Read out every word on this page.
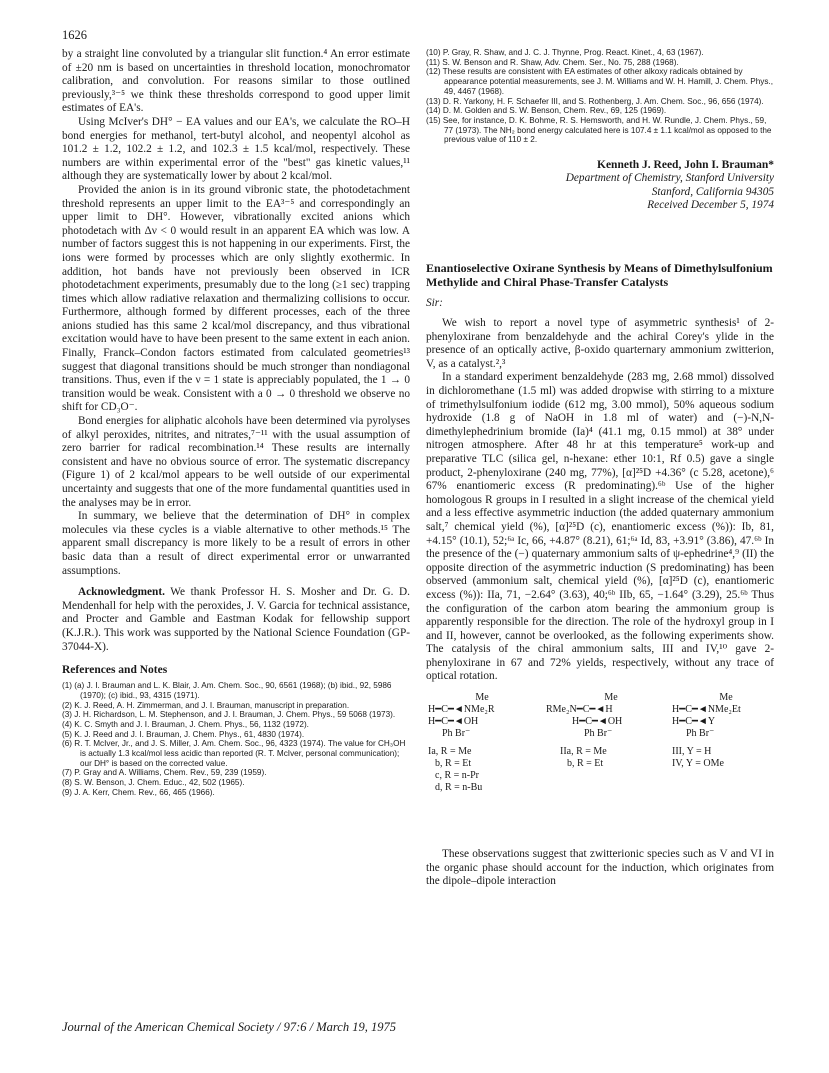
1626

by a straight line convoluted by a triangular slit function.⁴ An error estimate of ±20 nm is based on uncertainties in threshold location, monochromator calibration, and convolution. For reasons similar to those outlined previously,³⁻⁵ we think these thresholds correspond to good upper limit estimates of EA's.

Using McIver's DH° − EA values and our EA's, we calculate the RO–H bond energies for methanol, tert-butyl alcohol, and neopentyl alcohol as 101.2 ± 1.2, 102.2 ± 1.2, and 102.3 ± 1.5 kcal/mol, respectively. These numbers are within experimental error of the "best" gas kinetic values,¹¹ although they are systematically lower by about 2 kcal/mol.

Provided the anion is in its ground vibronic state, the photodetachment threshold represents an upper limit to the EA³⁻⁵ and correspondingly an upper limit to DH°. However, vibrationally excited anions which photodetach with Δν < 0 would result in an apparent EA which was low. A number of factors suggest this is not happening in our experiments. First, the ions were formed by processes which are only slightly exothermic. In addition, hot bands have not previously been observed in ICR photodetachment experiments, presumably due to the long (≥1 sec) trapping times which allow radiative relaxation and thermalizing collisions to occur. Furthermore, although formed by different processes, each of the three anions studied has this same 2 kcal/mol discrepancy, and thus vibrational excitation would have to have been present to the same extent in each anion. Finally, Franck–Condon factors estimated from calculated geometries¹³ suggest that diagonal transitions should be much stronger than nondiagonal transitions. Thus, even if the ν = 1 state is appreciably populated, the 1 → 0 transition would be weak. Consistent with a 0 → 0 threshold we observe no shift for CD₃O⁻.

Bond energies for aliphatic alcohols have been determined via pyrolyses of alkyl peroxides, nitrites, and nitrates,⁷⁻¹¹ with the usual assumption of zero barrier for radical recombination.¹⁴ These results are internally consistent and have no obvious source of error. The systematic discrepancy (Figure 1) of 2 kcal/mol appears to be well outside of our experimental uncertainty and suggests that one of the more fundamental quantities used in the analyses may be in error.

In summary, we believe that the determination of DH° in complex molecules via these cycles is a viable alternative to other methods.¹⁵ The apparent small discrepancy is more likely to be a result of errors in other basic data than a result of direct experimental error or unwarranted assumptions.

Acknowledgment. We thank Professor H. S. Mosher and Dr. G. D. Mendenhall for help with the peroxides, J. V. Garcia for technical assistance, and Procter and Gamble and Eastman Kodak for fellowship support (K.J.R.). This work was supported by the National Science Foundation (GP-37044-X).

References and Notes
(1) (a) J. I. Brauman and L. K. Blair, J. Am. Chem. Soc., 90, 6561 (1968); (b) ibid., 92, 5986 (1970); (c) ibid., 93, 4315 (1971).
(2) K. J. Reed, A. H. Zimmerman, and J. I. Brauman, manuscript in preparation.
(3) J. H. Richardson, L. M. Stephenson, and J. I. Brauman, J. Chem. Phys., 59 5068 (1973).
(4) K. C. Smyth and J. I. Brauman, J. Chem. Phys., 56, 1132 (1972).
(5) K. J. Reed and J. I. Brauman, J. Chem. Phys., 61, 4830 (1974).
(6) R. T. McIver, Jr., and J. S. Miller, J. Am. Chem. Soc., 96, 4323 (1974). The value for CH₃OH is actually 1.3 kcal/mol less acidic than reported (R. T. McIver, personal communication); our DH° is based on the corrected value.
(7) P. Gray and A. Williams, Chem. Rev., 59, 239 (1959).
(8) S. W. Benson, J. Chem. Educ., 42, 502 (1965).
(9) J. A. Kerr, Chem. Rev., 66, 465 (1966).
(10) P. Gray, R. Shaw, and J. C. J. Thynne, Prog. React. Kinet., 4, 63 (1967).
(11) S. W. Benson and R. Shaw, Adv. Chem. Ser., No. 75, 288 (1968).
(12) These results are consistent with EA estimates of other alkoxy radicals obtained by appearance potential measurements, see J. M. Williams and W. H. Hamill, J. Chem. Phys., 49, 4467 (1968).
(13) D. R. Yarkony, H. F. Schaefer III, and S. Rothenberg, J. Am. Chem. Soc., 96, 656 (1974).
(14) D. M. Golden and S. W. Benson, Chem. Rev., 69, 125 (1969).
(15) See, for instance, D. K. Bohme, R. S. Hemsworth, and H. W. Rundle, J. Chem. Phys., 59, 77 (1973). The NH₂ bond energy calculated here is 107.4 ± 1.1 kcal/mol as opposed to the previous value of 110 ± 2.
Kenneth J. Reed, John I. Brauman*
Department of Chemistry, Stanford University
Stanford, California 94305
Received December 5, 1974
Enantioselective Oxirane Synthesis by Means of Dimethylsulfonium Methylide and Chiral Phase-Transfer Catalysts
Sir:

We wish to report a novel type of asymmetric synthesis¹ of 2-phenyloxirane from benzaldehyde and the achiral Corey's ylide in the presence of an optically active, β-oxido quarternary ammonium zwitterion, V, as a catalyst.²,³

In a standard experiment benzaldehyde (283 mg, 2.68 mmol) dissolved in dichloromethane (1.5 ml) was added dropwise with stirring to a mixture of trimethylsulfonium iodide (612 mg, 3.00 mmol), 50% aqueous sodium hydroxide (1.8 g of NaOH in 1.8 ml of water) and (−)-N,N-dimethylephedrinium bromide (Ia)⁴ (41.1 mg, 0.15 mmol) at 38° under nitrogen atmosphere. After 48 hr at this temperature⁵ work-up and preparative TLC (silica gel, n-hexane: ether 10:1, Rf 0.5) gave a single product, 2-phenyloxirane (240 mg, 77%), [α]²⁵D +4.36° (c 5.28, acetone),⁶ 67% enantiomeric excess (R predominating).⁶ᵇ Use of the higher homologous R groups in I resulted in a slight increase of the chemical yield and a less effective asymmetric induction (the added quaternary ammonium salt,⁷ chemical yield (%), [α]²⁵D (c), enantiomeric excess (%)): Ib, 81, +4.15° (10.1), 52;⁶ᵃ Ic, 66, +4.87° (8.21), 61;⁶ᵃ Id, 83, +3.91° (3.86), 47.⁶ᵇ In the presence of the (−) quaternary ammonium salts of ψ-ephedrine⁴,⁹ (II) the opposite direction of the asymmetric induction (S predominating) has been observed (ammonium salt, chemical yield (%), [α]²⁵D (c), enantiomeric excess (%)): IIa, 71, −2.64° (3.63), 40;⁶ᵇ IIb, 65, −1.64° (3.29), 25.⁶ᵇ Thus the configuration of the carbon atom bearing the ammonium group is apparently responsible for the direction. The role of the hydroxyl group in I and II, however, cannot be overlooked, as the following experiments show. The catalysis of the chiral ammonium salts, III and IV,¹⁰ gave 2-phenyloxirane in 67 and 72% yields, respectively, without any trace of optical rotation.

Me
H━C━◄NMe₂R
H━C━◄OH
Ph Br⁻
Ia, R = Me
b, R = Et
c, R = n-Pr
d, R = n-Bu
Me
RMe₂N━C━◄H
H━C━◄OH
Ph Br⁻
IIa, R = Me
b, R = Et
Me
H━C━◄NMe₂Et
H━C━◄Y
Ph Br⁻
III, Y = H
IV, Y = OMe

These observations suggest that zwitterionic species such as V and VI in the organic phase should account for the induction, which originates from the dipole–dipole interaction

Journal of the American Chemical Society / 97:6 / March 19, 1975
